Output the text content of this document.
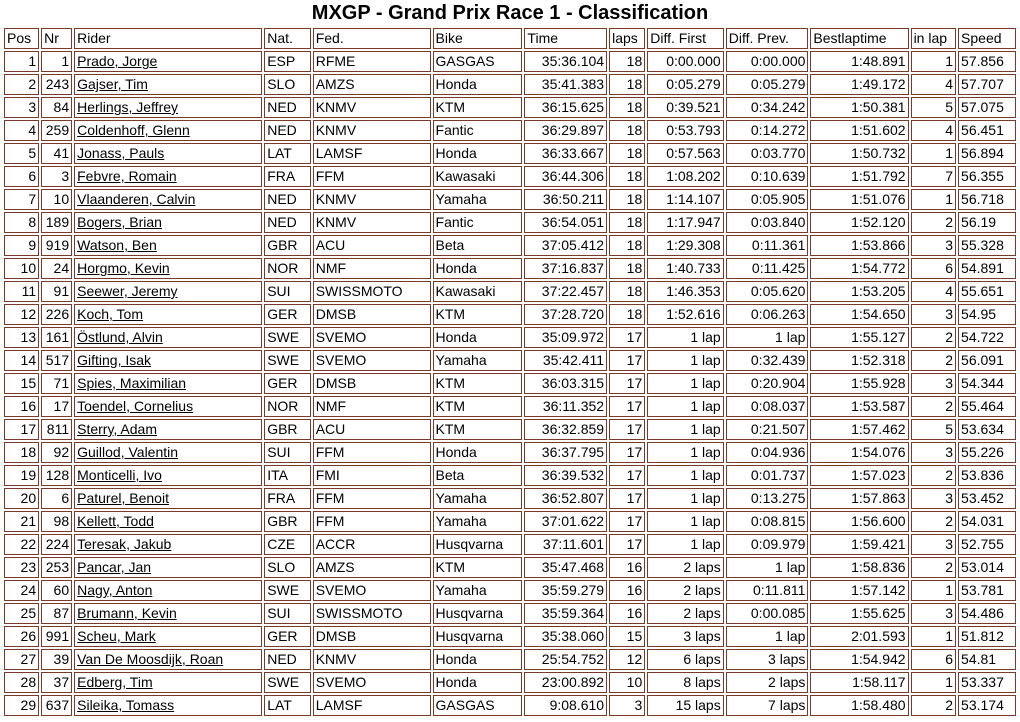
MXGP - Grand Prix Race 1 - Classification
Pos	Nr	Rider	Nat.	Fed.	Bike	Time	laps	Diff. First	Diff. Prev.	Bestlaptime	in lap	Speed
1	1	Prado, Jorge	ESP	RFME	GASGAS	35:36.104	18	0:00.000	0:00.000	1:48.891	1	57.856
2	243	Gajser, Tim	SLO	AMZS	Honda	35:41.383	18	0:05.279	0:05.279	1:49.172	4	57.707
3	84	Herlings, Jeffrey	NED	KNMV	KTM	36:15.625	18	0:39.521	0:34.242	1:50.381	5	57.075
4	259	Coldenhoff, Glenn	NED	KNMV	Fantic	36:29.897	18	0:53.793	0:14.272	1:51.602	4	56.451
5	41	Jonass, Pauls	LAT	LAMSF	Honda	36:33.667	18	0:57.563	0:03.770	1:50.732	1	56.894
6	3	Febvre, Romain	FRA	FFM	Kawasaki	36:44.306	18	1:08.202	0:10.639	1:51.792	7	56.355
7	10	Vlaanderen, Calvin	NED	KNMV	Yamaha	36:50.211	18	1:14.107	0:05.905	1:51.076	1	56.718
8	189	Bogers, Brian	NED	KNMV	Fantic	36:54.051	18	1:17.947	0:03.840	1:52.120	2	56.19
9	919	Watson, Ben	GBR	ACU	Beta	37:05.412	18	1:29.308	0:11.361	1:53.866	3	55.328
10	24	Horgmo, Kevin	NOR	NMF	Honda	37:16.837	18	1:40.733	0:11.425	1:54.772	6	54.891
11	91	Seewer, Jeremy	SUI	SWISSMOTO	Kawasaki	37:22.457	18	1:46.353	0:05.620	1:53.205	4	55.651
12	226	Koch, Tom	GER	DMSB	KTM	37:28.720	18	1:52.616	0:06.263	1:54.650	3	54.95
13	161	Östlund, Alvin	SWE	SVEMO	Honda	35:09.972	17	1 lap	1 lap	1:55.127	2	54.722
14	517	Gifting, Isak	SWE	SVEMO	Yamaha	35:42.411	17	1 lap	0:32.439	1:52.318	2	56.091
15	71	Spies, Maximilian	GER	DMSB	KTM	36:03.315	17	1 lap	0:20.904	1:55.928	3	54.344
16	17	Toendel, Cornelius	NOR	NMF	KTM	36:11.352	17	1 lap	0:08.037	1:53.587	2	55.464
17	811	Sterry, Adam	GBR	ACU	KTM	36:32.859	17	1 lap	0:21.507	1:57.462	5	53.634
18	92	Guillod, Valentin	SUI	FFM	Honda	36:37.795	17	1 lap	0:04.936	1:54.076	3	55.226
19	128	Monticelli, Ivo	ITA	FMI	Beta	36:39.532	17	1 lap	0:01.737	1:57.023	2	53.836
20	6	Paturel, Benoit	FRA	FFM	Yamaha	36:52.807	17	1 lap	0:13.275	1:57.863	3	53.452
21	98	Kellett, Todd	GBR	FFM	Yamaha	37:01.622	17	1 lap	0:08.815	1:56.600	2	54.031
22	224	Teresak, Jakub	CZE	ACCR	Husqvarna	37:11.601	17	1 lap	0:09.979	1:59.421	3	52.755
23	253	Pancar, Jan	SLO	AMZS	KTM	35:47.468	16	2 laps	1 lap	1:58.836	2	53.014
24	60	Nagy, Anton	SWE	SVEMO	Yamaha	35:59.279	16	2 laps	0:11.811	1:57.142	1	53.781
25	87	Brumann, Kevin	SUI	SWISSMOTO	Husqvarna	35:59.364	16	2 laps	0:00.085	1:55.625	3	54.486
26	991	Scheu, Mark	GER	DMSB	Husqvarna	35:38.060	15	3 laps	1 lap	2:01.593	1	51.812
27	39	Van De Moosdijk, Roan	NED	KNMV	Honda	25:54.752	12	6 laps	3 laps	1:54.942	6	54.81
28	37	Edberg, Tim	SWE	SVEMO	Honda	23:00.892	10	8 laps	2 laps	1:58.117	1	53.337
29	637	Sileika, Tomass	LAT	LAMSF	GASGAS	9:08.610	3	15 laps	7 laps	1:58.480	2	53.174
